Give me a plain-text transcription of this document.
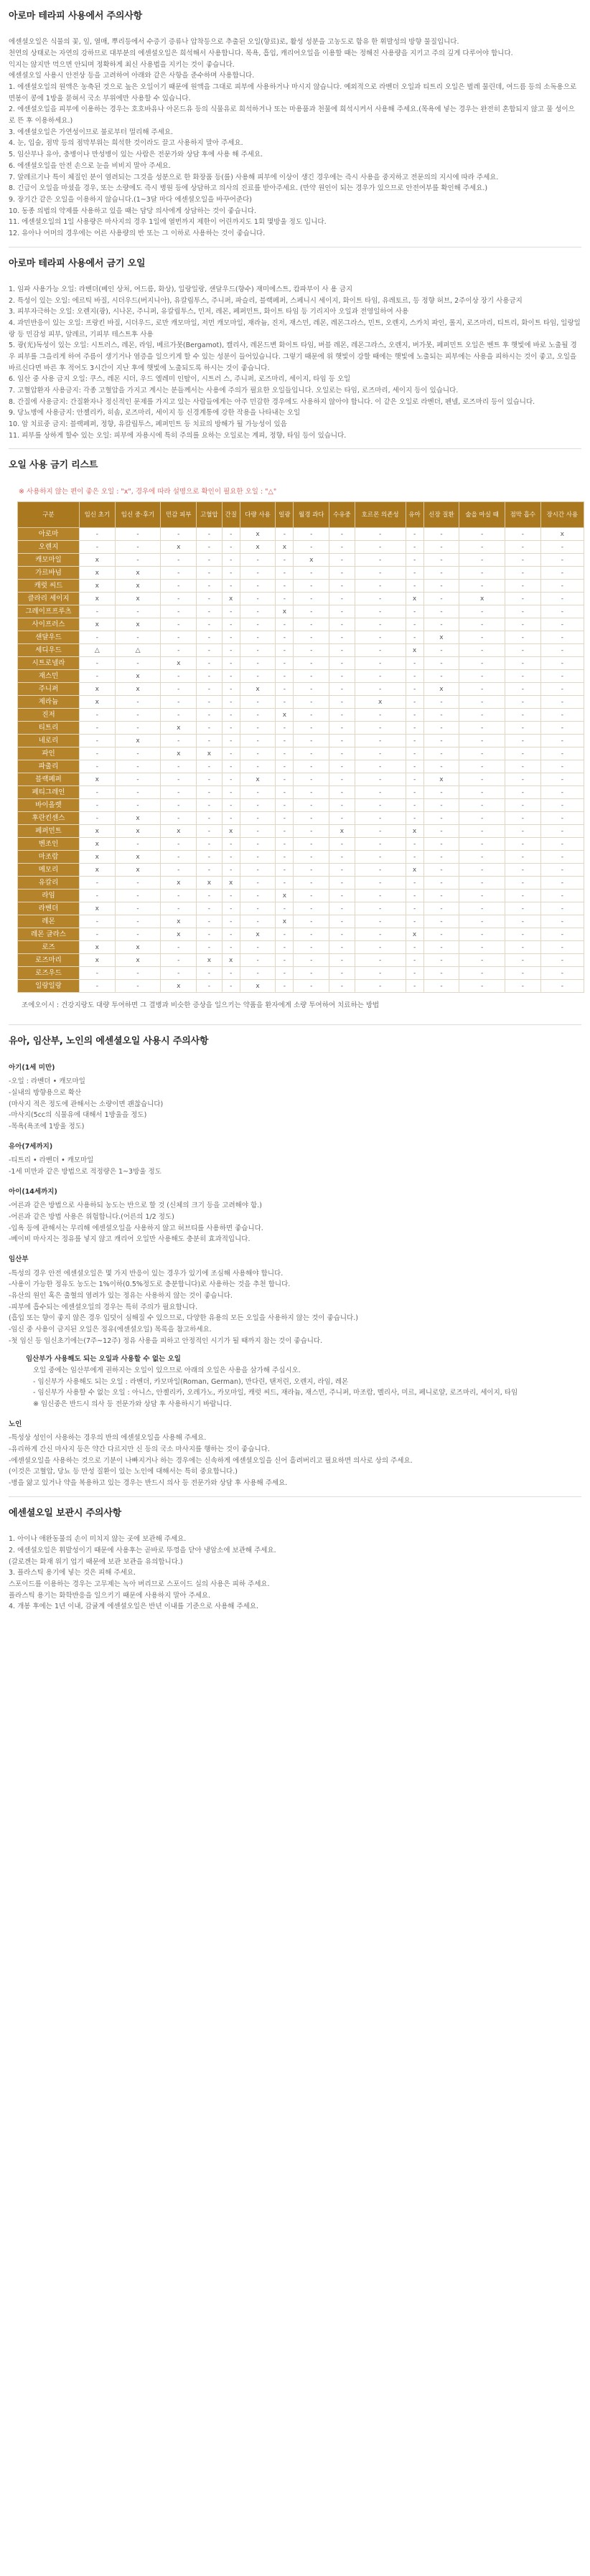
아로마 테라피 사용에서 주의사항

에센셜오일은 식물의 꽃, 잎, 열매, 뿌리등에서 수증기 증류나 압착등으로 추출된 오일(향료)로, 활성 성분을 고농도로 함유 한 휘발성의 방향 물질입니다.

천연의 상태로는 자연의 강하므로 대부분의 에센셜오일은 희석해서 사용합니다. 목욕, 흡입, 캐리어오일을 이용할 때는 정해진 사용량을 지키고 주의 깊게 다루어야 합니다.

익지는 않지만 먹으면 안되며 정확하게 최신 사용법을 지키는 것이 좋습니다.

에센셜오일 사용시 안전상 등을 고려하여 아래와 같은 사항을 준수하며 사용합니다.

1. 에센셜오일의 원액은 농축된 것으로 높은 오일이기 때문에 원액을 그대로 피부에 사용하거나 마시지 않습니다. 예외적으로 라벤더 오일과 티트리 오일은 벌레 물린데, 여드름 등의 소독용으로 면봉이 콩에 1방울 묻혀서 국소 부위에만 사용할 수 있습니다.

2. 에센셜오일을 피부에 이용하는 경우는 호호바유나 아몬드유 등의 식물유로 희석하거나 또는 마용품과 천물에 희석시켜서 사용해 주세요.(목욕에 넣는 경우는 완전히 혼합되지 않고 물 성이으로 뜬 후 이용하세요.)

3. 에센셜오일은 가연성이므로 불로부터 멀리해 주세요.

4. 눈, 입술, 점막 등의 점막부위는 희석한 것이라도 끌고 사용하지 말아 주세요.

5. 임산부나 유아, 충병이나 만성병이 있는 사람은 전문가와 상담 후에 사용 해 주세요.

6. 에센셜오일을 안전 손으로 눈을 비비지 말아 주세요.

7. 알레르기나 특이 체질인 분이 염려되는 그것을 성분으로 한 화장품 등(를) 사용해 피부에 이상이 생긴 경우에는 즉시 사용을 중지하고 전문의의 지시에 따라 주세요.

8. 긴급이 오일을 마셨을 경우, 또는 소량에도 즉시 병원 등에 상담하고 의사의 진료를 받아주세요. (만약 원인이 되는 경우가 있으므로 안전여부를 확인해 주세요.)

9. 장기간 같은 오일을 이용하지 않습니다.(1~3달 마다 에센셜오일을 바꾸어준다)

10. 동종 의법의 약제를 사용하고 있을 때는 담당 의사에게 상담하는 것이 좋습니다.

11. 에센셜오일의 1일 사용량은 마사지의 경우 1일에 열번까지 제한이 어린까지도 1회 몇방울 정도 입니다.

12. 유아나 어머의 경우에는 어른 사용량의 반 또는 그 이하로 사용하는 것이 좋습니다.

아로마 테라피 사용에서 금기 오일

1. 임파 사용가능 오일: 라벤더(베인 상처, 여드름, 화상), 일랑일랑, 샌달우드(향수) 재미에스트, 캄파부이 사 용 금지

2. 특성이 있는 오일: 에르틱 바질, 시더우드(버지니아), 유칼립투스, 주니퍼, 파슬리, 블랙페퍼, 스페니시 세이지, 화이트 타임, 유레토르, 등 정향 허브, 2주이상 장기 사용금지

3. 피부자극하는 오일: 오렌지(광), 시나몬, 주니퍼, 유칼립투스, 민저, 레몬, 페퍼민트, 화이트 타임 등 기리지아 오일과 전영일하여 사용

4. 과민반응이 있는 오일: 프랑킨 바질, 시더우드, 로만 캐모마일, 저먼 캐모마일, 재라늄, 진저, 재스민, 레몬, 레몬그라스, 민트, 오렌지, 스카치 파인, 롤지, 로즈마리, 티트리, 화이트 타임, 일랑일랑 등 민감성 피부, 알레르, 기피부 테스트후 사용

5. 광(光)독성이 있는 오일: 시트러스, 레몬, 라임, 베르가못(Bergamot), 캘리사, 레몬드변 화이트 타임, 버블 레몬, 레몬그라스, 오렌지, 버가못, 페퍼민트 오일은 벤트 후 햇빛에 바로 노출될 경우 피부를 그을리게 하여 주름이 생기거나 염증을 일으키게 할 수 있는 성분이 들어있습니다. 그렇기 때문에 위 햇빛이 강할 때에는 햇빛에 노출되는 피부에는 사용을 피하시는 것이 좋고, 오일을 바르신다면 바른 후 적어도 3시간이 지난 후에 햇빛에 노출되도록 하시는 것이 좋습니다.

6. 임산 중 사용 금지 오일: 쿠스, 레몬 시더, 우드 엘레미 인탈이, 시트러 스, 주니퍼, 로즈마리, 세이지, 타임 등 오일

7. 고혈압환자 사용금지: 각종 고혈압을 가지고 계시는 분들께서는 사용에 주의가 필요한 오일들입니다. 오일로는 타임, 로즈마리, 세이지 등이 있습니다.

8. 간질에 사용금지: 간질환자나 정신적인 문제를 가지고 있는 사람들에게는 아주 민감한 경우에도 사용하지 않아야 합니다. 이 같은 오일로 라벤더, 펜넬, 로즈마리 등이 있습니다.

9. 당뇨병에 사용금지: 안젤리카, 히솝, 로즈마리, 세이지 등 신경계통에 강한 작용을 나타내는 오일

10. 암 치료중 금지: 블랙페퍼, 정향, 유칼립투스, 페퍼민트 등 치료의 방해가 될 가능성이 있음

11. 피부를 상하게 할수 있는 오일: 피부에 자용시에 특히 주의를 요하는 오일로는 계피, 정향, 타임 등이 있습니다.

오일 사용 금기 리스트

※ 사용하지 않는 편이 좋은 오일 : "x", 경우에 따라 설명으로 확인이 필요한 오일 : "△"

구분	임신 초기	임신 중·후기	민감 피부	고혈압	간질	다량 사용	일광	월경 과다	수유중	호르몬 의존성	유아	신장 질환	술을 마실 때	점막 흡수	장시간 사용
아로마	-	-	-	-	-	x	-	-	-	-	-	-	-	-	x
오렌지	-	-	x	-	-	x	x	-	-	-	-	-	-	-	-
캐모마일	x	-	-	-	-	-	-	x	-	-	-	-	-	-	-
가르바넘	x	x	-	-	-	-	-	-	-	-	-	-	-	-	-
캐럿 씨드	x	x	-	-	-	-	-	-	-	-	-	-	-	-	-
클라리 세이지	x	x	-	-	x	-	-	-	-	-	x	-	x	-	-
그레이프프루츠	-	-	-	-	-	-	x	-	-	-	-	-	-	-	-
사이프러스	x	x	-	-	-	-	-	-	-	-	-	-	-	-	-
샌달우드	-	-	-	-	-	-	-	-	-	-	-	x	-	-	-
세디우드	△	△	-	-	-	-	-	-	-	-	x	-	-	-	-
시트로넬라	-	-	x	-	-	-	-	-	-	-	-	-	-	-	-
재스민	-	x	-	-	-	-	-	-	-	-	-	-	-	-	-
주니퍼	x	x	-	-	-	x	-	-	-	-	-	x	-	-	-
제라늄	x	-	-	-	-	-	-	-	-	x	-	-	-	-	-
진저	-	-	-	-	-	-	x	-	-	-	-	-	-	-	-
티트리	-	-	x	-	-	-	-	-	-	-	-	-	-	-	-
네로리	-	x	-	-	-	-	-	-	-	-	-	-	-	-	-
파인	-	-	x	x	-	-	-	-	-	-	-	-	-	-	-
파출리	-	-	-	-	-	-	-	-	-	-	-	-	-	-	-
블랙페퍼	x	-	-	-	-	x	-	-	-	-	-	x	-	-	-
페티그레인	-	-	-	-	-	-	-	-	-	-	-	-	-	-	-
바이올렛	-	-	-	-	-	-	-	-	-	-	-	-	-	-	-
후란킨센스	-	x	-	-	-	-	-	-	-	-	-	-	-	-	-
페퍼민트	x	x	x	-	x	-	-	-	x	-	x	-	-	-	-
벤조인	x	-	-	-	-	-	-	-	-	-	-	-	-	-	-
마조람	x	x	-	-	-	-	-	-	-	-	-	-	-	-	-
메모리	x	x	-	-	-	-	-	-	-	-	x	-	-	-	-
유칼리	-	-	x	x	x	-	-	-	-	-	-	-	-	-	-
라임	-	-	-	-	-	-	x	-	-	-	-	-	-	-	-
라벤더	x	-	-	-	-	-	-	-	-	-	-	-	-	-	-
레몬	-	-	x	-	-	-	x	-	-	-	-	-	-	-	-
레몬 글라스	-	-	x	-	-	x	-	-	-	-	x	-	-	-	-
로즈	x	x	-	-	-	-	-	-	-	-	-	-	-	-	-
로즈마리	x	x	-	x	x	-	-	-	-	-	-	-	-	-	-
로즈우드	-	-	-	-	-	-	-	-	-	-	-	-	-	-	-
일랑일랑	-	-	x	-	-	x	-	-	-	-	-	-	-	-	-

조에오이시 : 건강지랑도 대량 투여하면 그 결병과 비슷한 증상을 일으키는 약품을 환자에게 소량 투여하여 치료하는 방법

유아, 임산부, 노인의 에센셜오일 사용시 주의사항
아기(1세 미만)

-오일 : 라벤더 • 캐모마일

-실내의 방향용으로 확산

(마사지 적은 정도에 관해서는 소량이면 괜찮습니다)

-마사지(5cc의 식물유에 대해서 1방울을 정도)

-목욕(욕조에 1방울 정도)

유아(7세까지)

-티트리 • 라벤더 • 캐모마일

-1세 미만과 같은 방법으로 적정량은 1~3방울 정도

아이(14세까지)

-어른과 같은 방법으로 사용하되 농도는 반으로 할 것 (신체의 크기 등을 고려해야 함.)

-어른과 같은 방법 사용은 위험합니다.(어른의 1/2 정도)

-입욕 등에 관해서는 무리해 에센셜오일을 사용하지 않고 허브티를 사용하면 좋습니다.

-베이비 마사지는 정유를 넣지 않고 캐리어 오일만 사용해도 충분히 효과적입니다.

임산부

-특성의 경우 안전 에센셜오일은 몇 가지 반응이 있는 경우가 있기에 조심해 사용해야 합니다.

-사용이 가능한 정유도 농도는 1%이하(0.5%정도로 충분합니다)로 사용하는 것을 추천 합니다.

-유산의 원인 혹은 출혈의 염려가 있는 정유는 사용하지 않는 것이 좋습니다.

-피부에 흡수되는 에센셜오일의 경우는 특히 주의가 필요합니다.

(흡입 또는 향이 좋지 않은 경우 입덧이 심해질 수 있으므로, 다양한 유용의 모든 오일을 사용하지 않는 것이 좋습니다.)

-임신 중 사용이 금지된 오일은 정유(에센셜오일) 목록을 참고하세요.

-첫 임신 등 임신초기에는(7주~12주) 정유 사용을 피하고 안정적인 시기가 될 때까지 참는 것이 좋습니다.

임산부가 사용해도 되는 오일과 사용할 수 없는 오일

오일 중에는 임산부에게 권하지는 오일이 있으므로 아래의 오일은 사용을 삼가해 주십시오.

- 임신부가 사용해도 되는 오일 : 라벤더, 카모마일(Roman, German), 만다린, 탠저린, 오렌지, 라임, 레몬

- 임신부가 사용할 수 없는 오일 : 아니스, 안젤리카, 오레가노, 카모마일, 캐럿 씨드, 재라늄, 재스민, 주니퍼, 마조람, 멜리사, 미르, 페니로얄, 로즈마리, 세이지, 타임

※ 임신중은 반드시 의사 등 전문가와 상담 후 사용하시기 바랍니다.

노인

-특성상 성인이 사용하는 경우의 반의 에센셜오일을 사용해 주세요.

-유리하게 간신 마사지 등은 약간 다르지만 신 등의 국소 마사지를 행하는 것이 좋습니다.

-에센셜오일을 사용하는 것으로 기분이 나빠지거나 하는 경우에는 신속하게 에센셜오일을 신어 흘려버리고 필요하면 의사로 상의 주세요.

(이것은 고혈압, 당뇨 등 만성 질환이 있는 노인에 대해서는 특히 중요합니다.)

-병을 앓고 있거나 약을 복용하고 있는 경우는 반드시 의사 등 전문가와 상담 후 사용해 주세요.

에센셜오일 보관시 주의사항

1. 아이나 애완동물의 손이 미치지 않는 곳에 보관해 주세요.

2. 에센셜오일은 휘발성이기 때문에 사용후는 곧바로 뚜껑을 닫아 냉암소에 보관해 주세요.

(갈로겐는 화재 위기 업기 때문에 보관 보관을 유의합니다.)

3. 플라스틱 용기에 넣는 것은 피해 주세요.

스포이드를 이용하는 경우는 고무제는 녹아 버리므로 스포이드 실의 사용은 피하 주세요.

플라스틱 용기는 화학반응을 일으키기 때문에 사용하지 말아 주세요.

4. 개봉 후에는 1년 이내, 감귤계 에센셜오일은 반년 이내를 기준으로 사용해 주세요.
